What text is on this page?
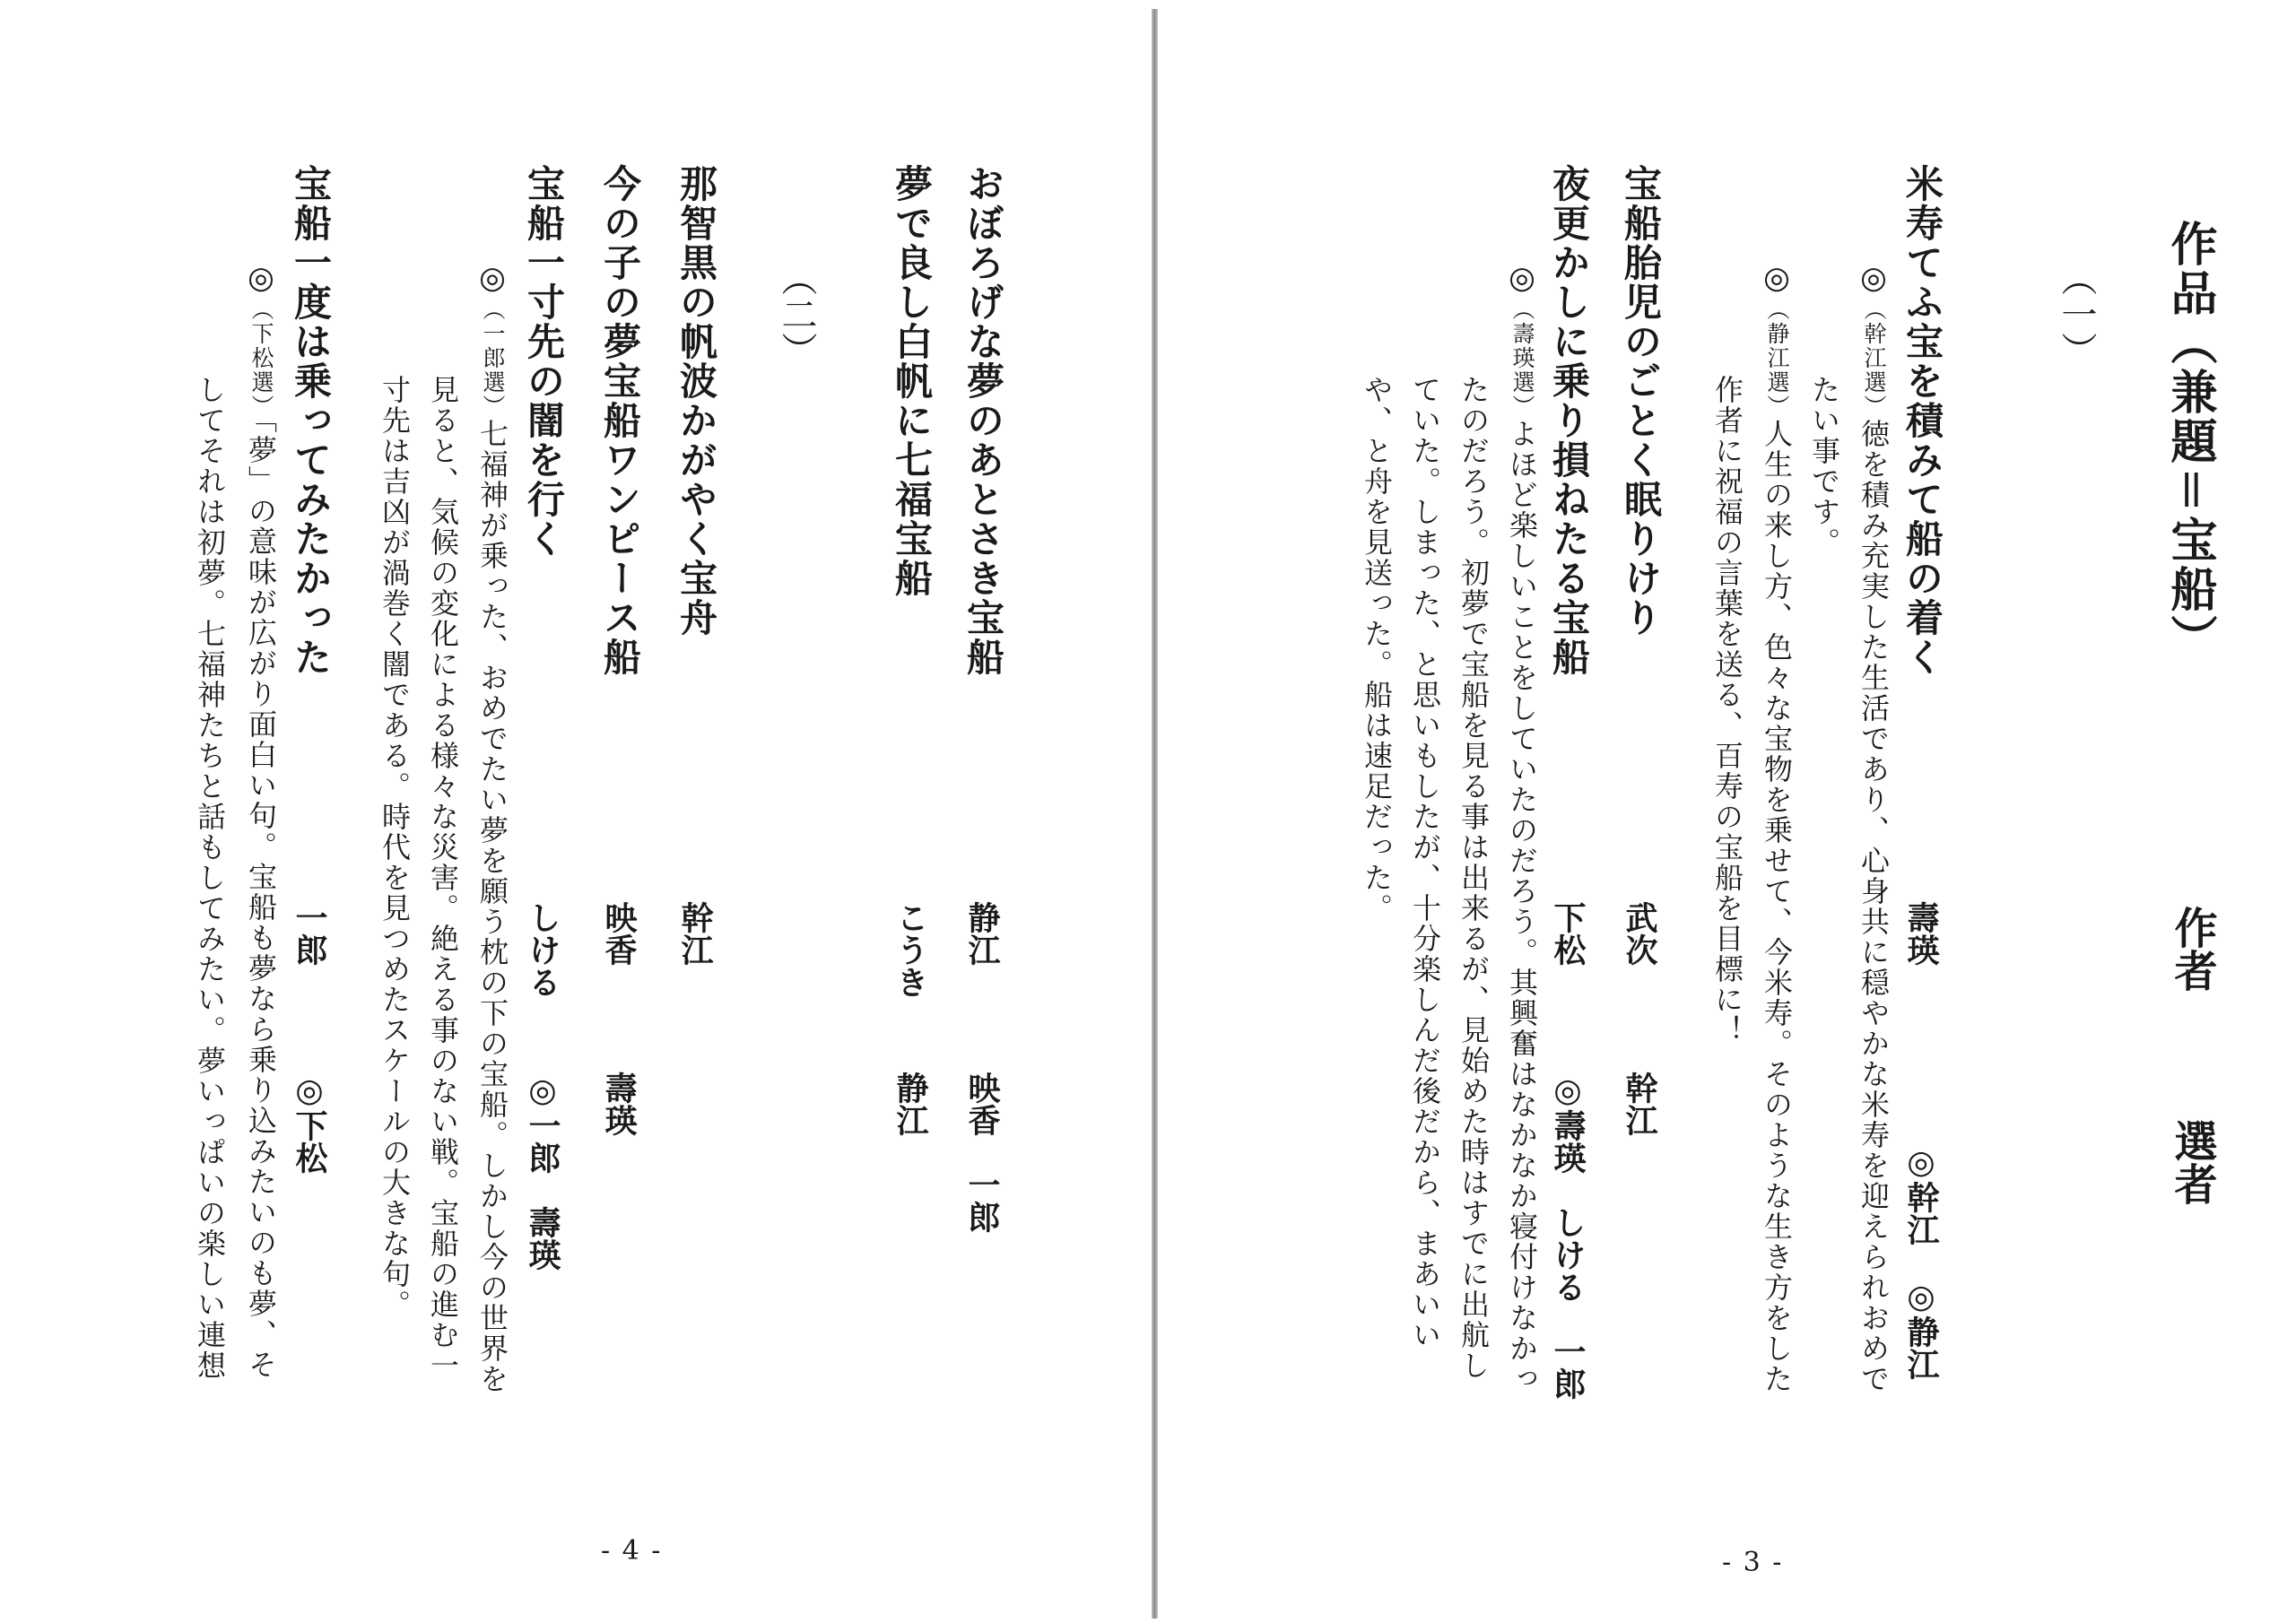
作品（兼題＝宝船）
作者
選者
（一）
米寿てふ宝を積みて船の着く
壽瑛
◎幹江　◎静江
◎（幹江選）徳を積み充実した生活であり、心身共に穏やかな米寿を迎えられおめで
たい事です。
◎（静江選）人生の来し方、色々な宝物を乗せて、今米寿。そのような生き方をした
作者に祝福の言葉を送る、百寿の宝船を目標に！
宝船胎児のごとく眠りけり
武次
幹江
夜更かしに乗り損ねたる宝船
下松
◎壽瑛　しける　一郎
◎（壽瑛選）よほど楽しいことをしていたのだろう。其興奮はなかなか寝付けなかっ
たのだろう。初夢で宝船を見る事は出来るが、見始めた時はすでに出航し
ていた。しまった、と思いもしたが、十分楽しんだ後だから、まあいい
や、と舟を見送った。船は速足だった。
- 3 -
おぼろげな夢のあとさき宝船
静江
映香　一郎
夢で良し白帆に七福宝船
こうき
静江
（二）
那智黒の帆波かがやく宝舟
幹江
今の子の夢宝船ワンピース船
映香
壽瑛
宝船一寸先の闇を行く
しける
◎一郎　壽瑛
◎（一郎選）七福神が乗った、おめでたい夢を願う枕の下の宝船。しかし今の世界を
見ると、気候の変化による様々な災害。絶える事のない戦。宝船の進む一
寸先は吉凶が渦巻く闇である。時代を見つめたスケールの大きな句。
宝船一度は乗ってみたかった
一郎
◎下松
◎（下松選）「夢」の意味が広がり面白い句。宝船も夢なら乗り込みたいのも夢、そ
してそれは初夢。七福神たちと話もしてみたい。夢いっぱいの楽しい連想
- 4 -
